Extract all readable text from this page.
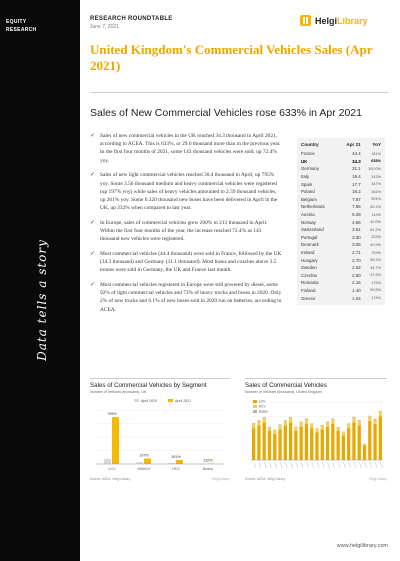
EQUITY
RESEARCH
Data tells a story
RESEARCH ROUNDTABLE
June 7, 2021
HelgiLibrary
United Kingdom's Commercial Vehicles Sales (Apr 2021)
Sales of New Commercial Vehicles rose 633% in Apr 2021
✓ Sales of new commercial vehicles in the UK reached 34.3 thousand in April 2021, according to ACEA. This is 633%, or 29.6 thousand more than in the previous year. In the first four months of 2021, some 143 thousand vehicles were sold, up 72.4% yoy.
✓ Sales of new light commercial vehicles reached 30.4 thousand in April, up 795% yoy. Some 3.56 thousand medium and heavy commercial vehicles were registered (up 197% yoy) while sales of heavy vehicles amounted to 2.59 thousand vehicles, up 261% yoy. Some 0.320 thousand new buses have been delivered in April in the UK, up 232% when compared to last year.
✓ In Europe, sales of commercial vehicles grew 200% to 213 thousand in April. Within the first four months of the year, the increase reached 72.4% as 143 thousand new vehicles were registered.
✓ Most commercial vehicles (44.4 thousand) were sold in France, followed by the UK (34.3 thousand) and Germany (31.1 thousand). Most buses and coaches above 3.5 tonnes were sold in Germany, the UK and France last month.
✓ Most commercial vehicles registered in Europe were still powered by diesel, some 92% of light commercial vehicles and 73% of heavy trucks and buses in 2020. Only 2% of new trucks and 6.1% of new buses sold in 2020 run on batteries, according to ACEA.
Country	Apr 21	YoY
France	44.4	411%
UK	34.3	633%
Germany	31.1	100.0%
Italy	19.4	243%
Spain	17.7	347%
Poland	16.2	161%
Belgium	7.87	301%
Netherlands	7.65	50.1%
Austria	5.39	119%
Norway	4.86	42.0%
Switzerland	3.51	81.2%
Portugal	3.30	223%
Denmark	3.06	40.9%
Ireland	2.71	729%
Hungary	2.70	69.1%
Sweden	2.62	44.7%
Czechia	2.50	37.6%
Romania	2.15	175%
Finland	1.40	90.5%
Greece	1.04	174%
Sales of Commercial Vehicles by Segment
Number of Vehicles (thousand), UK
April 2020	April 2021
795%
LCV
197%
M&HCV
261%
HCV
232%
Buses
Source: ACEA, Helgi Library	Helgi Library
Sales of Commercial Vehicles
Number of Vehicles (thousand), United Kingdom
LCV
HCV
Buses
Source: ACEA, Helgi Library	Helgi Library
www.helgilibrary.com
